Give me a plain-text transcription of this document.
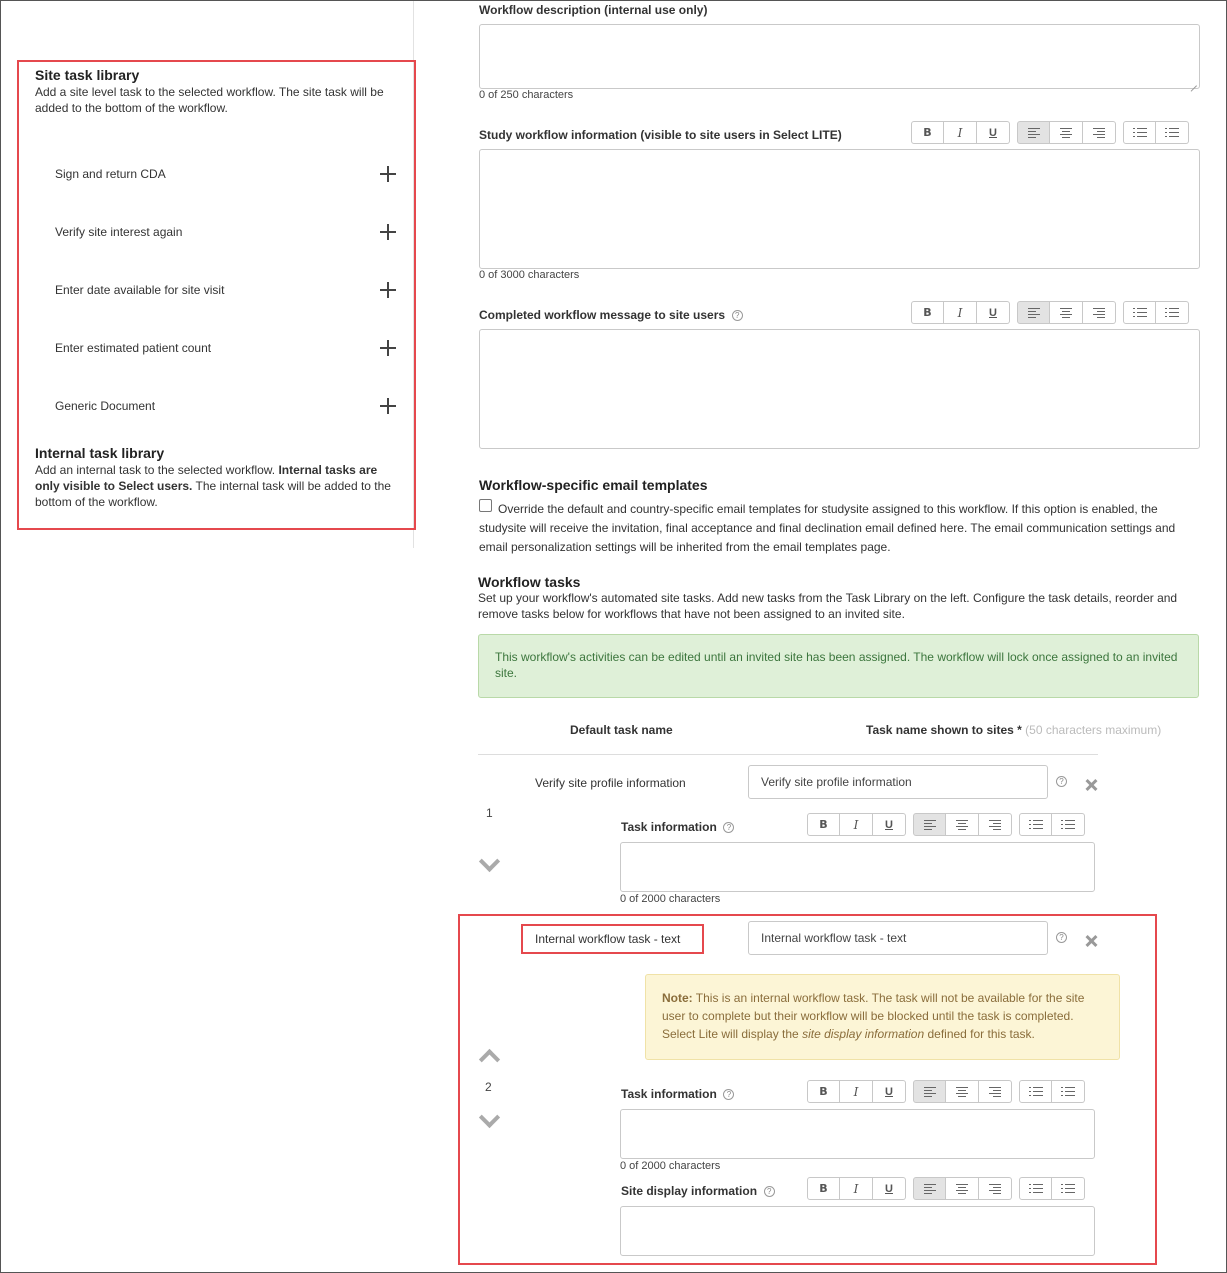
Site task library
Add a site level task to the selected workflow. The site task will be added to the bottom of the workflow.
Sign and return CDA
Verify site interest again
Enter date available for site visit
Enter estimated patient count
Generic Document
Internal task library
Add an internal task to the selected workflow. Internal tasks are only visible to Select users. The internal task will be added to the bottom of the workflow.
Workflow description (internal use only)
0 of 250 characters
Study workflow information (visible to site users in Select LITE)	B I U
0 of 3000 characters
Completed workflow message to site users ?	B I U
Workflow-specific email templates
Override the default and country-specific email templates for studysite assigned to this workflow. If this option is enabled, the studysite will receive the invitation, final acceptance and final declination email defined here. The email communication settings and email personalization settings will be inherited from the email templates page.
Workflow tasks
Set up your workflow's automated site tasks. Add new tasks from the Task Library on the left. Configure the task details, reorder and remove tasks below for workflows that have not been assigned to an invited site.
This workflow's activities can be edited until an invited site has been assigned. The workflow will lock once assigned to an invited site.
Default task name	Task name shown to sites * (50 characters maximum)
Verify site profile information	Verify site profile information	?
1
Task information ?	B I U
0 of 2000 characters
Internal workflow task - text	Internal workflow task - text	?
Note: This is an internal workflow task. The task will not be available for the site user to complete but their workflow will be blocked until the task is completed. Select Lite will display the site display information defined for this task.
2	Task information ?	B I U
0 of 2000 characters
Site display information ?	B I U
